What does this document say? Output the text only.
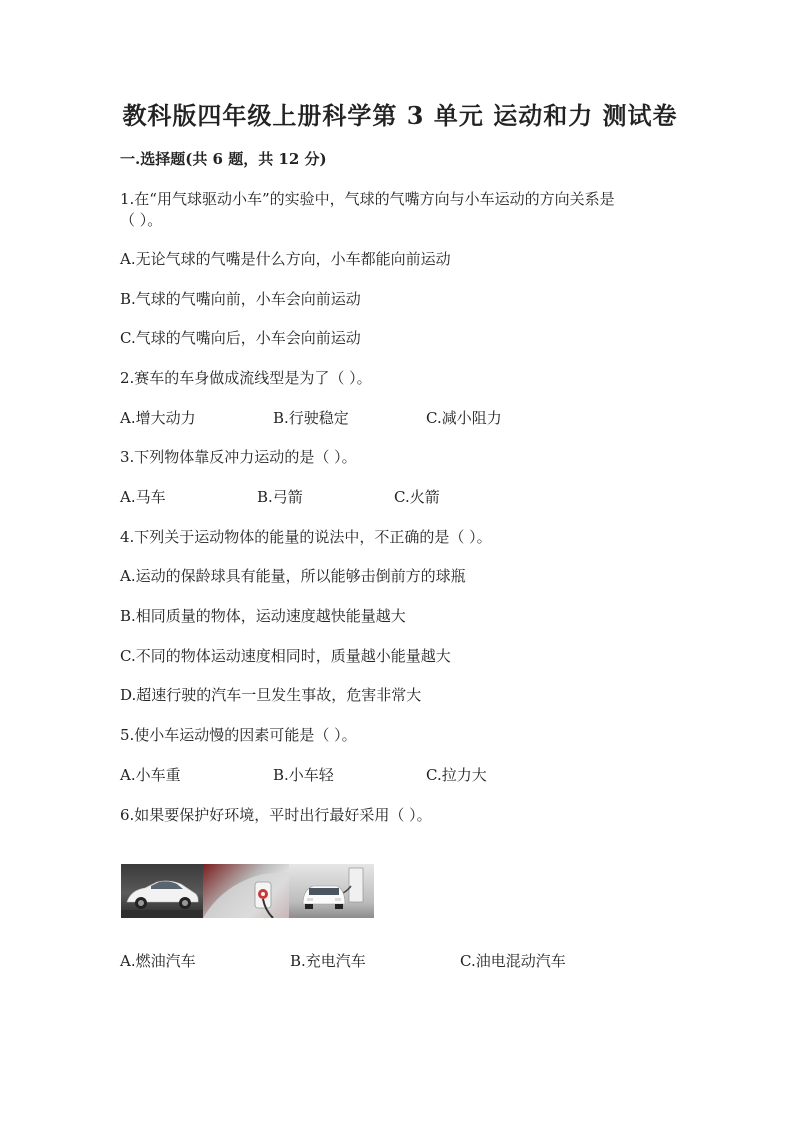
教科版四年级上册科学第 3 单元 运动和力 测试卷
一.选择题(共 6 题，共 12 分)
1.在“用气球驱动小车”的实验中，气球的气嘴方向与小车运动的方向关系是
（ ）。
A.无论气球的气嘴是什么方向，小车都能向前运动
B.气球的气嘴向前，小车会向前运动
C.气球的气嘴向后，小车会向前运动
2.赛车的车身做成流线型是为了（ ）。
A.增大动力	B.行驶稳定	C.减小阻力
3.下列物体靠反冲力运动的是（ ）。
A.马车	B.弓箭	C.火箭
4.下列关于运动物体的能量的说法中，不正确的是（ ）。
A.运动的保龄球具有能量，所以能够击倒前方的球瓶
B.相同质量的物体，运动速度越快能量越大
C.不同的物体运动速度相同时，质量越小能量越大
D.超速行驶的汽车一旦发生事故，危害非常大
5.使小车运动慢的因素可能是（ ）。
A.小车重	B.小车轻	C.拉力大
6.如果要保护好环境，平时出行最好采用（ ）。
A.燃油汽车	B.充电汽车	C.油电混动汽车
